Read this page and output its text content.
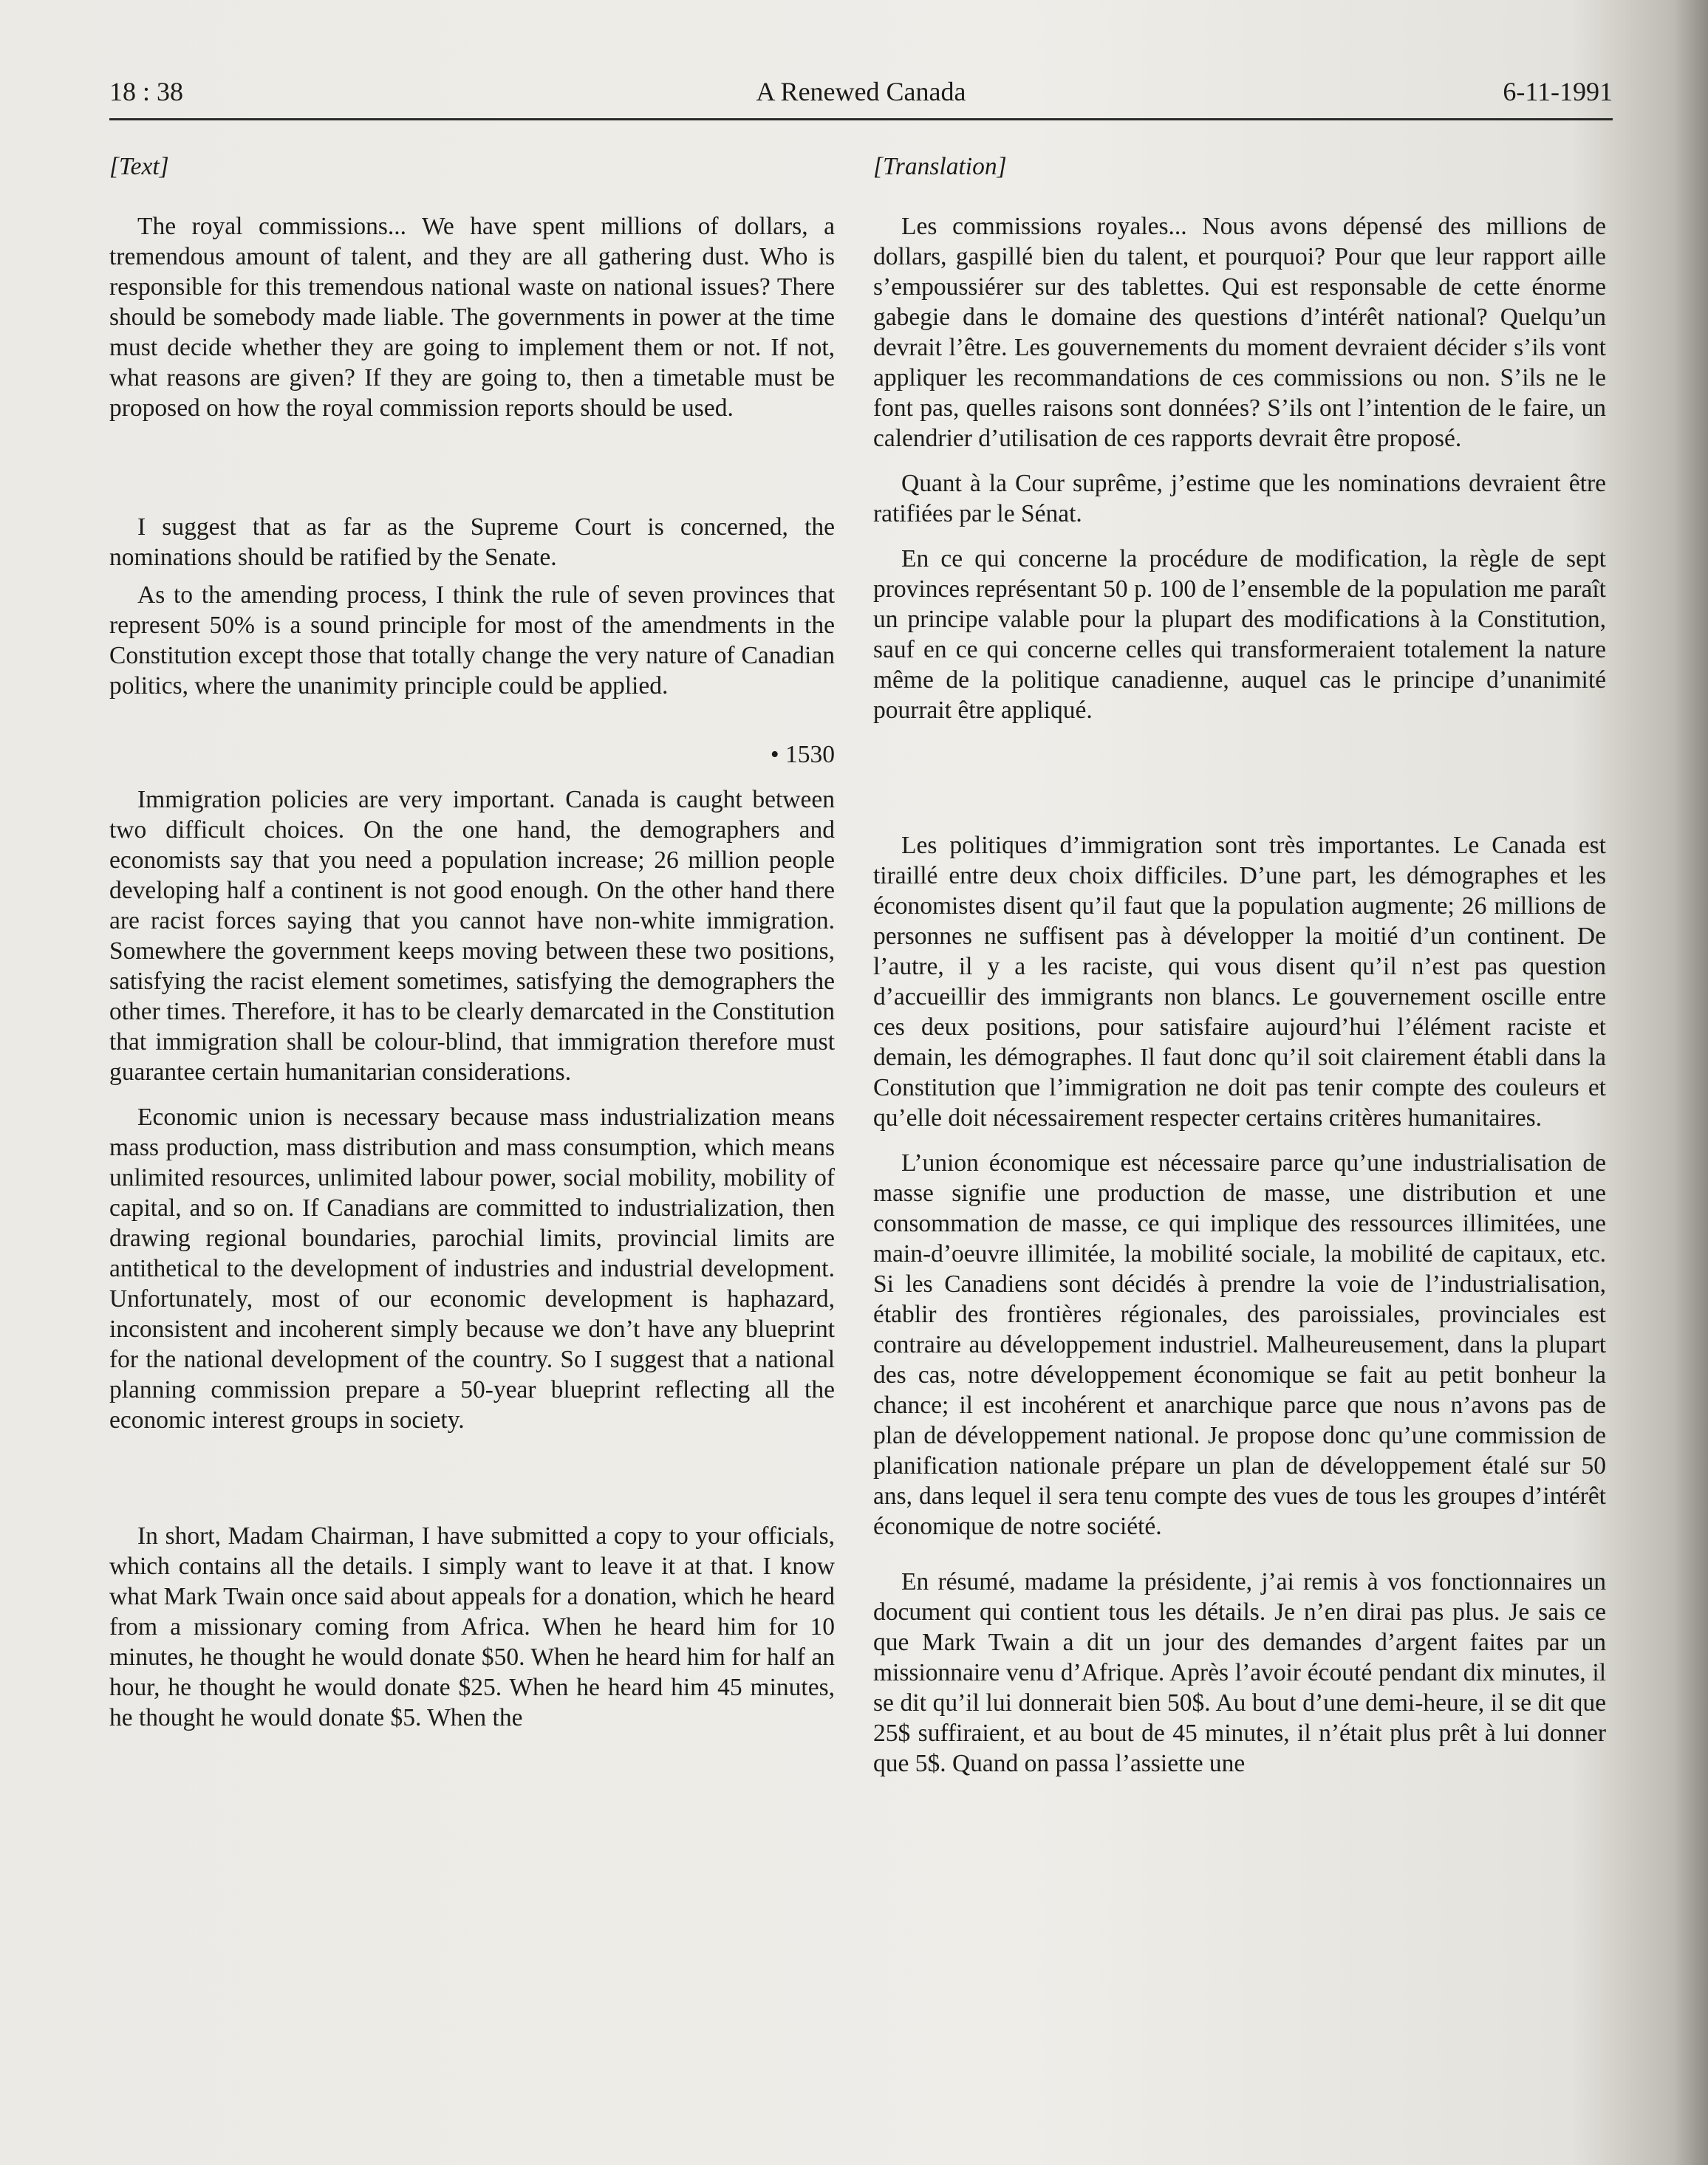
18 : 38	A Renewed Canada	6-11-1991
[Text]

The royal commissions... We have spent millions of dollars, a tremendous amount of talent, and they are all gathering dust. Who is responsible for this tremendous national waste on national issues? There should be somebody made liable. The governments in power at the time must decide whether they are going to implement them or not. If not, what reasons are given? If they are going to, then a timetable must be proposed on how the royal commission reports should be used.

I suggest that as far as the Supreme Court is concerned, the nominations should be ratified by the Senate.

As to the amending process, I think the rule of seven provinces that represent 50% is a sound principle for most of the amendments in the Constitution except those that totally change the very nature of Canadian politics, where the unanimity principle could be applied.

• 1530

Immigration policies are very important. Canada is caught between two difficult choices. On the one hand, the demographers and economists say that you need a population increase; 26 million people developing half a continent is not good enough. On the other hand there are racist forces saying that you cannot have non-white immigration. Somewhere the government keeps moving between these two positions, satisfying the racist element sometimes, satisfying the demographers the other times. Therefore, it has to be clearly demarcated in the Constitution that immigration shall be colour-blind, that immigration therefore must guarantee certain humanitarian considerations.

Economic union is necessary because mass industrialization means mass production, mass distribution and mass consumption, which means unlimited resources, unlimited labour power, social mobility, mobility of capital, and so on. If Canadians are committed to industrialization, then drawing regional boundaries, parochial limits, provincial limits are antithetical to the development of industries and industrial development. Unfortunately, most of our economic development is haphazard, inconsistent and incoherent simply because we don’t have any blueprint for the national development of the country. So I suggest that a national planning commission prepare a 50-year blueprint reflecting all the economic interest groups in society.

In short, Madam Chairman, I have submitted a copy to your officials, which contains all the details. I simply want to leave it at that. I know what Mark Twain once said about appeals for a donation, which he heard from a missionary coming from Africa. When he heard him for 10 minutes, he thought he would donate $50. When he heard him for half an hour, he thought he would donate $25. When he heard him 45 minutes, he thought he would donate $5. When the

[Translation]

Les commissions royales... Nous avons dépensé des millions de dollars, gaspillé bien du talent, et pourquoi? Pour que leur rapport aille s’empoussiérer sur des tablettes. Qui est responsable de cette énorme gabegie dans le domaine des questions d’intérêt national? Quelqu’un devrait l’être. Les gouvernements du moment devraient décider s’ils vont appliquer les recommandations de ces commissions ou non. S’ils ne le font pas, quelles raisons sont données? S’ils ont l’intention de le faire, un calendrier d’utilisation de ces rapports devrait être proposé.

Quant à la Cour suprême, j’estime que les nominations devraient être ratifiées par le Sénat.

En ce qui concerne la procédure de modification, la règle de sept provinces représentant 50 p. 100 de l’ensemble de la population me paraît un principe valable pour la plupart des modifications à la Constitution, sauf en ce qui concerne celles qui transformeraient totalement la nature même de la politique canadienne, auquel cas le principe d’unanimité pourrait être appliqué.

Les politiques d’immigration sont très importantes. Le Canada est tiraillé entre deux choix difficiles. D’une part, les démographes et les économistes disent qu’il faut que la population augmente; 26 millions de personnes ne suffisent pas à développer la moitié d’un continent. De l’autre, il y a les raciste, qui vous disent qu’il n’est pas question d’accueillir des immigrants non blancs. Le gouvernement oscille entre ces deux positions, pour satisfaire aujourd’hui l’élément raciste et demain, les démographes. Il faut donc qu’il soit clairement établi dans la Constitution que l’immigration ne doit pas tenir compte des couleurs et qu’elle doit nécessairement respecter certains critères humanitaires.

L’union économique est nécessaire parce qu’une industrialisation de masse signifie une production de masse, une distribution et une consommation de masse, ce qui implique des ressources illimitées, une main-d’oeuvre illimitée, la mobilité sociale, la mobilité de capitaux, etc. Si les Canadiens sont décidés à prendre la voie de l’industrialisation, établir des frontières régionales, des paroissiales, provinciales est contraire au développement industriel. Malheureusement, dans la plupart des cas, notre développement économique se fait au petit bonheur la chance; il est incohérent et anarchique parce que nous n’avons pas de plan de développement national. Je propose donc qu’une commission de planification nationale prépare un plan de développement étalé sur 50 ans, dans lequel il sera tenu compte des vues de tous les groupes d’intérêt économique de notre société.

En résumé, madame la présidente, j’ai remis à vos fonctionnaires un document qui contient tous les détails. Je n’en dirai pas plus. Je sais ce que Mark Twain a dit un jour des demandes d’argent faites par un missionnaire venu d’Afrique. Après l’avoir écouté pendant dix minutes, il se dit qu’il lui donnerait bien 50$. Au bout d’une demi-heure, il se dit que 25$ suffiraient, et au bout de 45 minutes, il n’était plus prêt à lui donner que 5$. Quand on passa l’assiette une
